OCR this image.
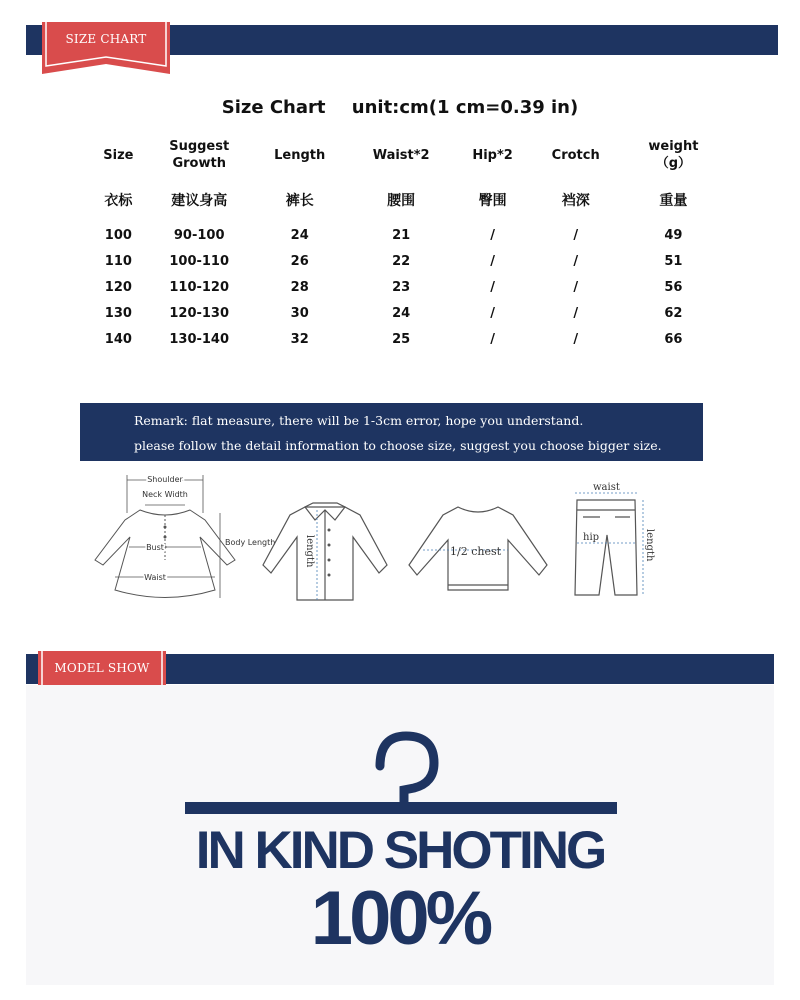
SIZE CHART
Size Chart unit:cm(1 cm=0.39 in)
Size	Suggest Growth	Length	Waist*2	Hip*2	Crotch	weight （g）
衣标	建议身高	裤长	腰围	臀围	裆深	重量
100	90-100	24	21	/	/	49
110	100-110	26	22	/	/	51
120	110-120	28	23	/	/	56
130	120-130	30	24	/	/	62
140	130-140	32	25	/	/	66
Remark: flat measure, there will be 1-3cm error, hope you understand.
please follow the detail information to choose size, suggest you choose bigger size.
Shoulder
Neck Width
Bust
Waist
Body Length	length	1/2 chest
waist
hip	length
MODEL SHOW
IN KIND SHOTING
100%
